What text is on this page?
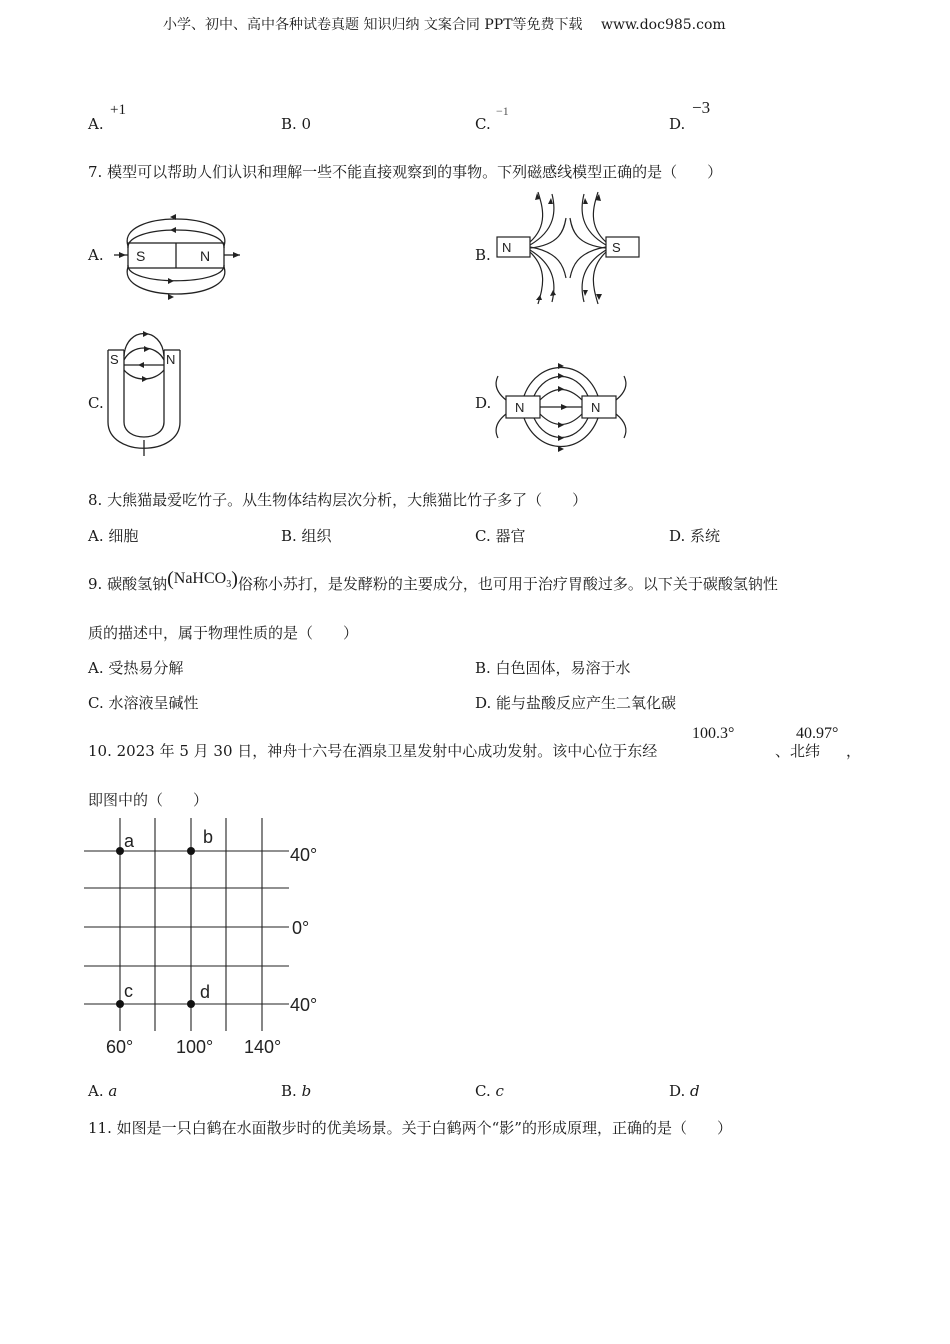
小学、初中、高中各种试卷真题 知识归纳 文案合同 PPT等免费下载 www.doc985.com
A.
+1
B. 0	C.
−1
D.
−3
7. 模型可以帮助人们认识和理解一些不能直接观察到的事物。下列磁感线模型正确的是（　　）
A. S	N	B. N	S
C.
S	N
D. N	N
8. 大熊猫最爱吃竹子。从生物体结构层次分析，大熊猫比竹子多了（　　）
A. 细胞	B. 组织	C. 器官	D. 系统
9. 碳酸氢钠(NaHCO$_3$)俗称小苏打，是发酵粉的主要成分，也可用于治疗胃酸过多。以下关于碳酸氢钠性
质的描述中，属于物理性质的是（　　）
A. 受热易分解	B. 白色固体，易溶于水
C. 水溶液呈碱性	D. 能与盐酸反应产生二氧化碳
10. 2023 年 5 月 30 日，神舟十六号在酒泉卫星发射中心成功发射。该中心位于东经
100.3°
、北纬
40.97°
，
即图中的（　　）
a	b
c	d
40°
0°
40°
60° 100° 140°
A. a	B. b	C. c	D. d
11. 如图是一只白鹤在水面散步时的优美场景。关于白鹤两个“影”的形成原理，正确的是（　　）
